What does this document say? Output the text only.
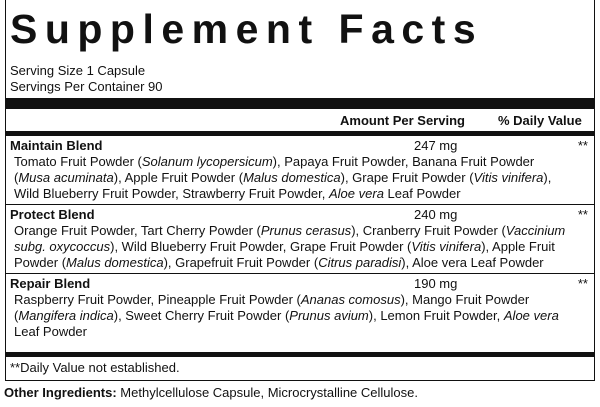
Supplement Facts
Serving Size 1 Capsule
Servings Per Container 90
Amount Per Serving	% Daily Value
Maintain Blend	247 mg	**
Tomato Fruit Powder (Solanum lycopersicum), Papaya Fruit Powder, Banana Fruit Powder
(Musa acuminata), Apple Fruit Powder (Malus domestica), Grape Fruit Powder (Vitis vinifera),
Wild Blueberry Fruit Powder, Strawberry Fruit Powder, Aloe vera Leaf Powder
Protect Blend	240 mg	**
Orange Fruit Powder, Tart Cherry Powder (Prunus cerasus), Cranberry Fruit Powder (Vaccinium
subg. oxycoccus), Wild Blueberry Fruit Powder, Grape Fruit Powder (Vitis vinifera), Apple Fruit
Powder (Malus domestica), Grapefruit Fruit Powder (Citrus paradisi), Aloe vera Leaf Powder
Repair Blend	190 mg	**
Raspberry Fruit Powder, Pineapple Fruit Powder (Ananas comosus), Mango Fruit Powder
(Mangifera indica), Sweet Cherry Fruit Powder (Prunus avium), Lemon Fruit Powder, Aloe vera
Leaf Powder
**Daily Value not established.
Other Ingredients: Methylcellulose Capsule, Microcrystalline Cellulose.
